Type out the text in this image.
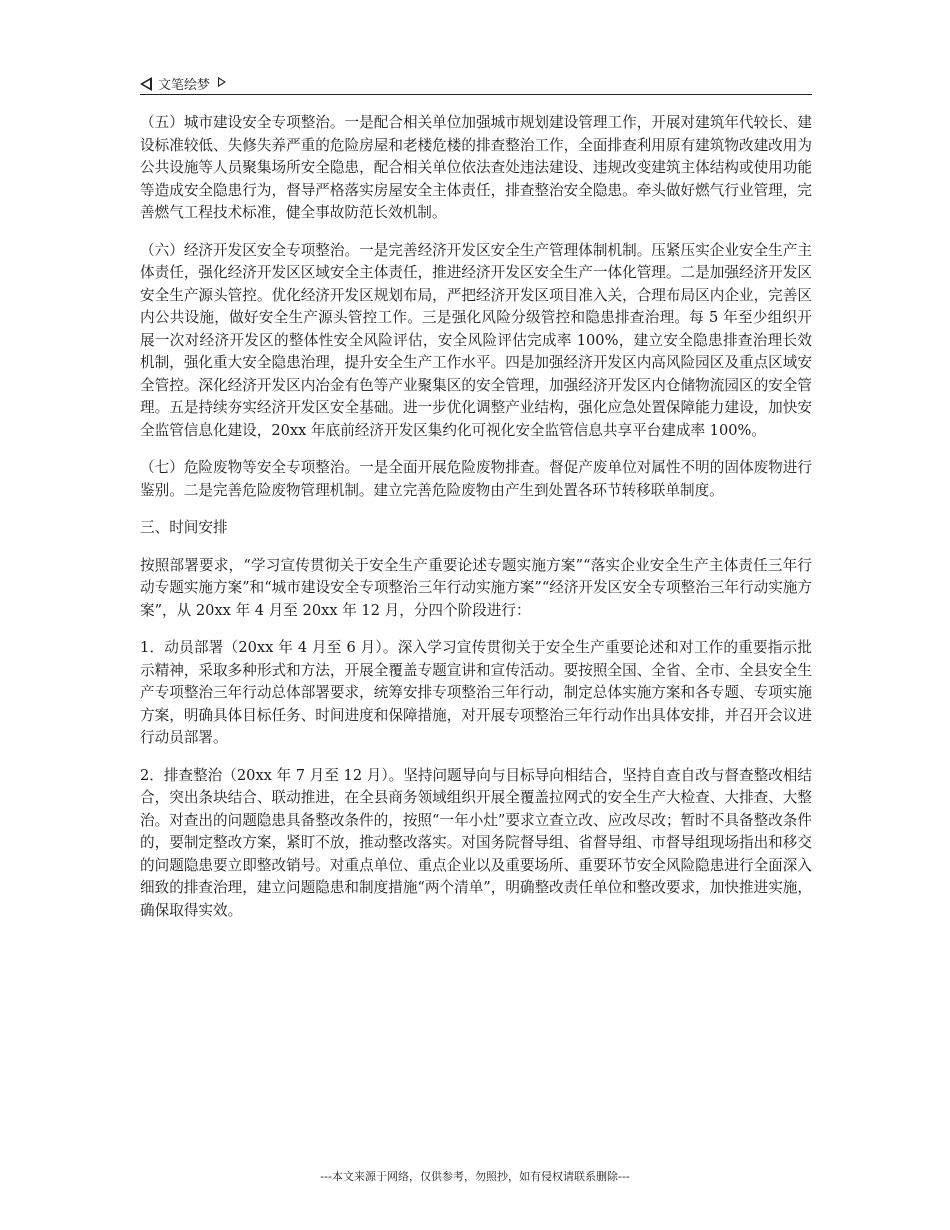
文笔绘梦

（五）城市建设安全专项整治。一是配合相关单位加强城市规划建设管理工作，开展对建筑年代较长、建设标准较低、失修失养严重的危险房屋和老楼危楼的排查整治工作，全面排查利用原有建筑物改建改用为公共设施等人员聚集场所安全隐患，配合相关单位依法查处违法建设、违规改变建筑主体结构或使用功能等造成安全隐患行为，督导严格落实房屋安全主体责任，排查整治安全隐患。牵头做好燃气行业管理，完善燃气工程技术标准，健全事故防范长效机制。

（六）经济开发区安全专项整治。一是完善经济开发区安全生产管理体制机制。压紧压实企业安全生产主体责任，强化经济开发区区域安全主体责任，推进经济开发区安全生产一体化管理。二是加强经济开发区安全生产源头管控。优化经济开发区规划布局，严把经济开发区项目准入关，合理布局区内企业，完善区内公共设施，做好安全生产源头管控工作。三是强化风险分级管控和隐患排查治理。每 5 年至少组织开展一次对经济开发区的整体性安全风险评估，安全风险评估完成率 100%，建立安全隐患排查治理长效机制，强化重大安全隐患治理，提升安全生产工作水平。四是加强经济开发区内高风险园区及重点区域安全管控。深化经济开发区内冶金有色等产业聚集区的安全管理，加强经济开发区内仓储物流园区的安全管理。五是持续夯实经济开发区安全基础。进一步优化调整产业结构，强化应急处置保障能力建设，加快安全监管信息化建设，20xx 年底前经济开发区集约化可视化安全监管信息共享平台建成率 100%。

（七）危险废物等安全专项整治。一是全面开展危险废物排查。督促产废单位对属性不明的固体废物进行鉴别。二是完善危险废物管理机制。建立完善危险废物由产生到处置各环节转移联单制度。

三、时间安排

按照部署要求，“学习宣传贯彻关于安全生产重要论述专题实施方案”“落实企业安全生产主体责任三年行动专题实施方案”和“城市建设安全专项整治三年行动实施方案”“经济开发区安全专项整治三年行动实施方案”，从 20xx 年 4 月至 20xx 年 12 月，分四个阶段进行：

1．动员部署（20xx 年 4 月至 6 月）。深入学习宣传贯彻关于安全生产重要论述和对工作的重要指示批示精神，采取多种形式和方法，开展全覆盖专题宣讲和宣传活动。要按照全国、全省、全市、全县安全生产专项整治三年行动总体部署要求，统筹安排专项整治三年行动，制定总体实施方案和各专题、专项实施方案，明确具体目标任务、时间进度和保障措施，对开展专项整治三年行动作出具体安排，并召开会议进行动员部署。

2．排查整治（20xx 年 7 月至 12 月）。坚持问题导向与目标导向相结合，坚持自查自改与督查整改相结合，突出条块结合、联动推进，在全县商务领域组织开展全覆盖拉网式的安全生产大检查、大排查、大整治。对查出的问题隐患具备整改条件的，按照“一年小灶”要求立查立改、应改尽改；暂时不具备整改条件的，要制定整改方案，紧盯不放，推动整改落实。对国务院督导组、省督导组、市督导组现场指出和移交的问题隐患要立即整改销号。对重点单位、重点企业以及重要场所、重要环节安全风险隐患进行全面深入细致的排查治理，建立问题隐患和制度措施“两个清单”，明确整改责任单位和整改要求，加快推进实施，确保取得实效。

---本文来源于网络，仅供参考，勿照抄，如有侵权请联系删除---
